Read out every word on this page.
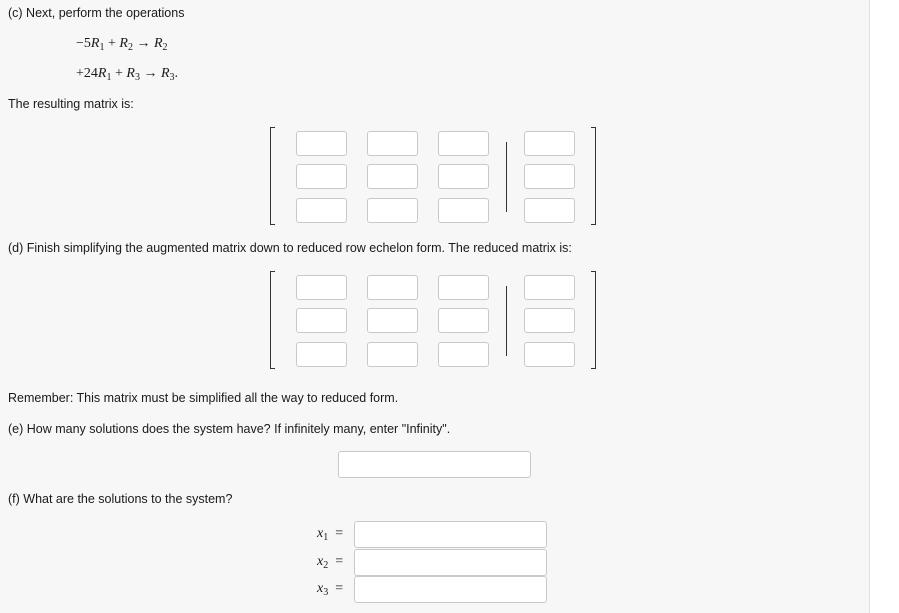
(c) Next, perform the operations
$-5R_1 + R_2 \to R_2$
$+24R_1 + R_3 \to R_3$.
The resulting matrix is:
(d) Finish simplifying the augmented matrix down to reduced row echelon form. The reduced matrix is:
Remember: This matrix must be simplified all the way to reduced form.
(e) How many solutions does the system have? If infinitely many, enter "Infinity".
(f) What are the solutions to the system?
$x_1$ =
$x_2$ =
$x_3$ =
